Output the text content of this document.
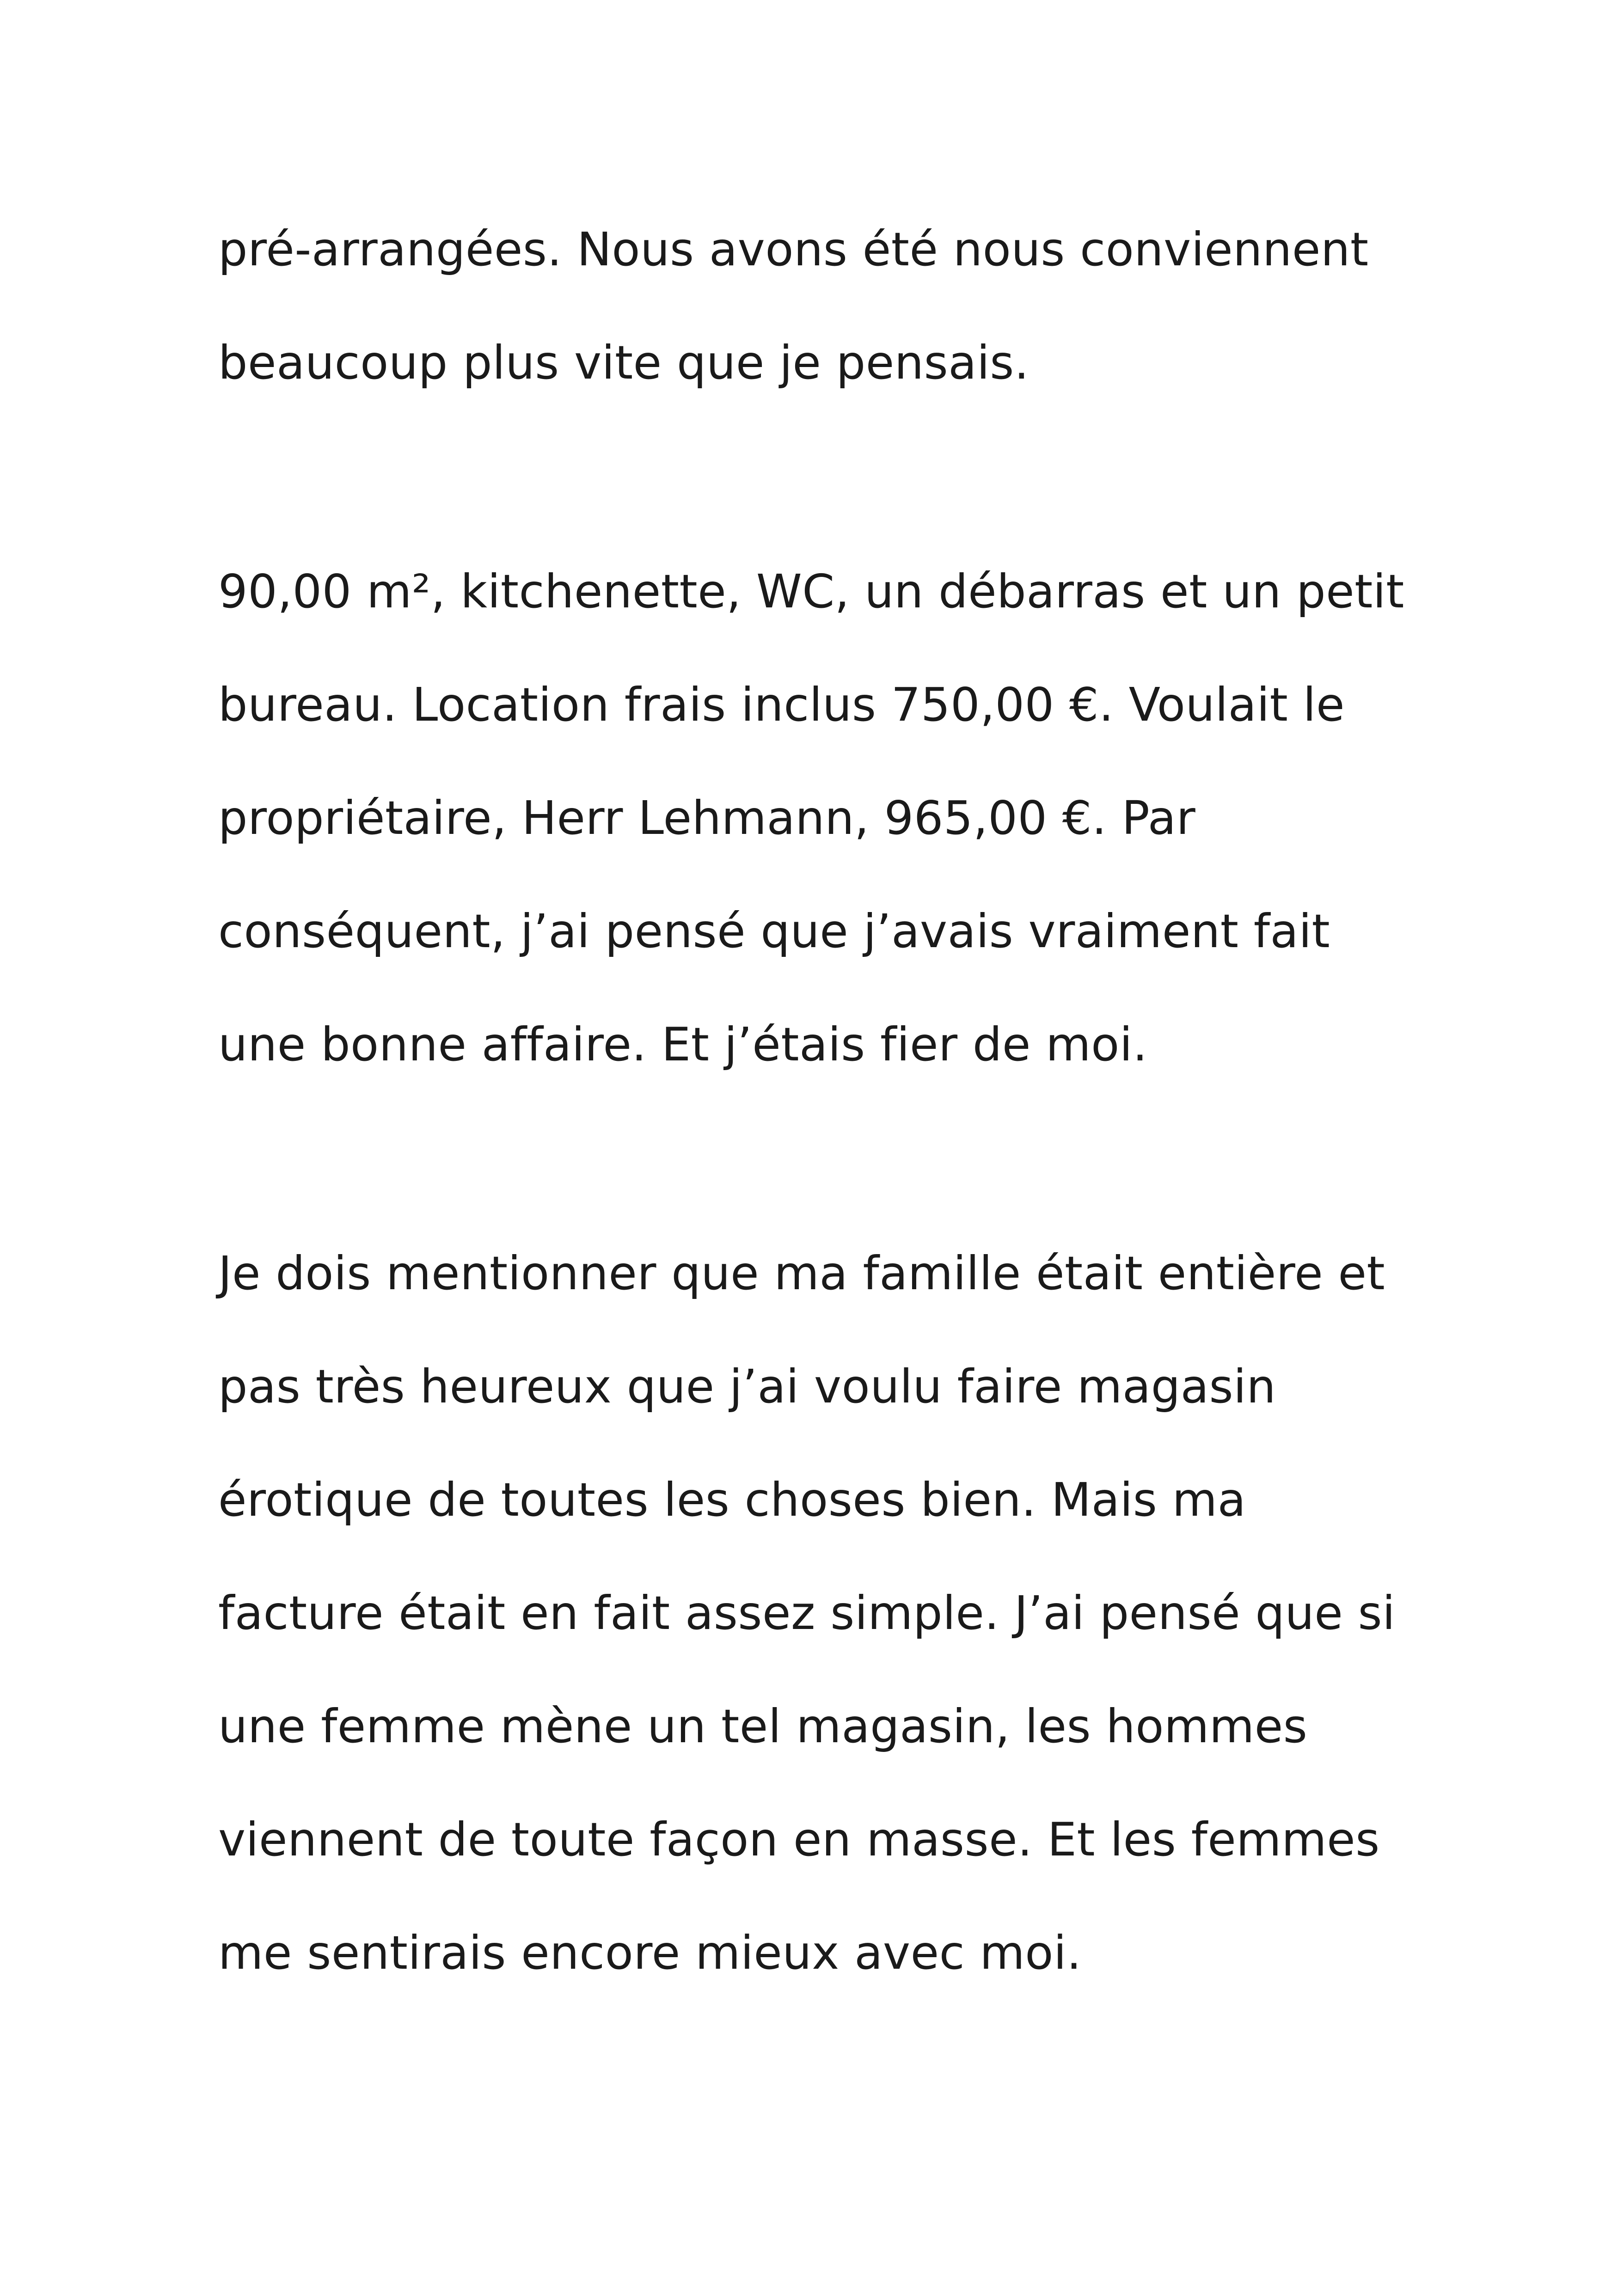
pré-arrangées. Nous avons été nous conviennent

beaucoup plus vite que je pensais.

90,00 m², kitchenette, WC, un débarras et un petit

bureau. Location frais inclus 750,00 €. Voulait le

propriétaire, Herr Lehmann, 965,00 €. Par

conséquent, j’ai pensé que j’avais vraiment fait

une bonne affaire. Et j’étais fier de moi.

Je dois mentionner que ma famille était entière et

pas très heureux que j’ai voulu faire magasin

érotique de toutes les choses bien. Mais ma

facture était en fait assez simple. J’ai pensé que si

une femme mène un tel magasin, les hommes

viennent de toute façon en masse. Et les femmes

me sentirais encore mieux avec moi.
